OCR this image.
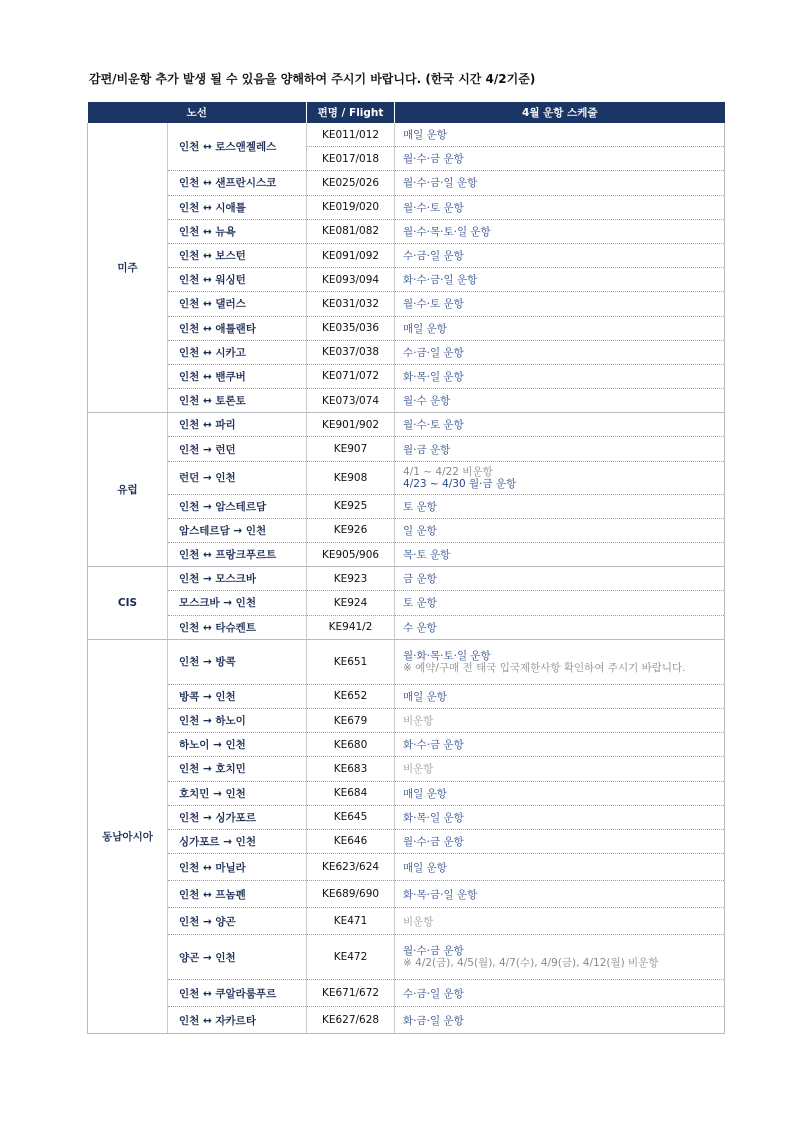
감편/비운항 추가 발생 될 수 있음을 양해하여 주시기 바랍니다. (한국 시간 4/2기준)
노선		편명 / Flight	4월 운항 스케줄
미주	인천 ↔ 로스앤젤레스	KE011/012	매일 운항
		KE017/018	월·수·금 운항
	인천 ↔ 샌프란시스코	KE025/026	월·수·금·일 운항
	인천 ↔ 시애틀	KE019/020	월·수·토 운항
	인천 ↔ 뉴욕	KE081/082	월·수·목·토·일 운항
	인천 ↔ 보스턴	KE091/092	수·금·일 운항
	인천 ↔ 워싱턴	KE093/094	화·수·금·일 운항
	인천 ↔ 댈러스	KE031/032	월·수·토 운항
	인천 ↔ 애틀랜타	KE035/036	매일 운항
	인천 ↔ 시카고	KE037/038	수·금·일 운항
	인천 ↔ 밴쿠버	KE071/072	화·목·일 운항
	인천 ↔ 토론토	KE073/074	월·수 운항
유럽	인천 ↔ 파리	KE901/902	월·수·토 운항
	인천 → 런던	KE907	월·금 운항
	런던 → 인천	KE908	4/1 ~ 4/22 비운항
4/23 ~ 4/30 월·금 운항

	인천 → 암스테르담	KE925	토 운항
	암스테르담 → 인천	KE926	일 운항
	인천 ↔ 프랑크푸르트	KE905/906	목·토 운항
CIS	인천 → 모스크바	KE923	금 운항
	모스크바 → 인천	KE924	토 운항
	인천 ↔ 타슈켄트	KE941/2	수 운항
동남아시아	인천 → 방콕	KE651	월·화·목·토·일 운항
※ 예약/구매 전 태국 입국제한사항 확인하여 주시기 바랍니다.

	방콕 → 인천	KE652	매일 운항
	인천 → 하노이	KE679	비운항
	하노이 → 인천	KE680	화·수·금 운항
	인천 → 호치민	KE683	비운항
	호치민 → 인천	KE684	매일 운항
	인천 → 싱가포르	KE645	화·목·일 운항
	싱가포르 → 인천	KE646	월·수·금 운항
	인천 ↔ 마닐라	KE623/624	매일 운항
	인천 ↔ 프놈펜	KE689/690	화·목·금·일 운항
	인천 → 양곤	KE471	비운항
	양곤 → 인천	KE472	월·수·금 운항
※ 4/2(금), 4/5(월), 4/7(수), 4/9(금), 4/12(월) 비운항

	인천 ↔ 쿠알라룸푸르	KE671/672	수·금·일 운항
	인천 ↔ 자카르타	KE627/628	화·금·일 운항
